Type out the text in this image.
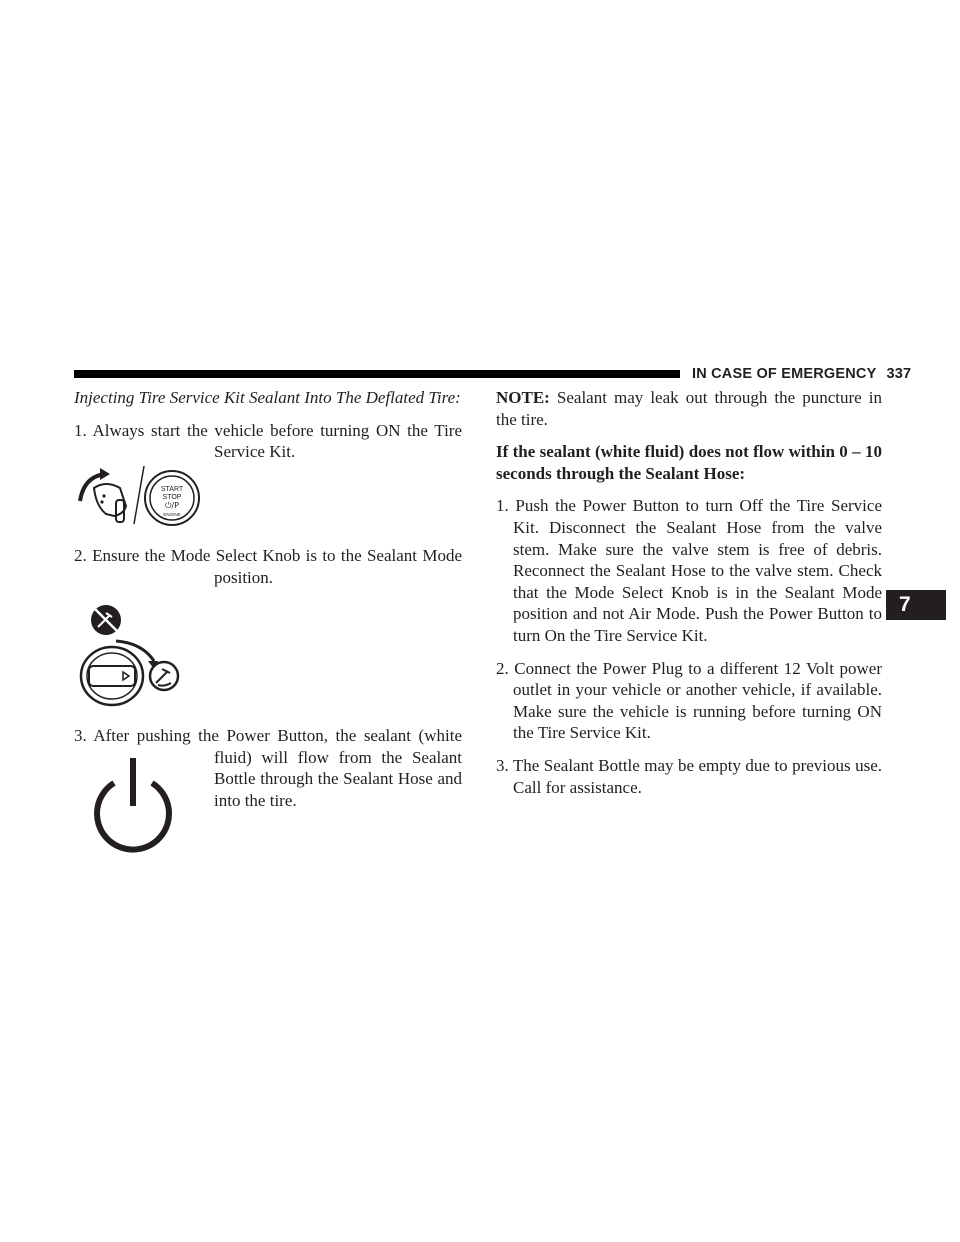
IN CASE OF EMERGENCY 337
7

Injecting Tire Service Kit Sealant Into The Deflated Tire:

1. Always start the vehicle before turning ON the Tire
Service Kit.

2. Ensure the Mode Select Knob is to the Sealant Mode
position.

3. After pushing the Power Button, the sealant (white
fluid) will flow from the Sealant
Bottle through the Sealant Hose and
into the tire.

START
STOP
ENGINE
⏻/P

NOTE: Sealant may leak out through the puncture in the tire.

If the sealant (white fluid) does not flow within 0 – 10 seconds through the Sealant Hose:

1. Push the Power Button to turn Off the Tire Service Kit. Disconnect the Sealant Hose from the valve stem. Make sure the valve stem is free of debris. Reconnect the Sealant Hose to the valve stem. Check that the Mode Select Knob is in the Sealant Mode position and not Air Mode. Push the Power Button to turn On the Tire Service Kit.

2. Connect the Power Plug to a different 12 Volt power outlet in your vehicle or another vehicle, if available. Make sure the vehicle is running before turning ON the Tire Service Kit.

3. The Sealant Bottle may be empty due to previous use. Call for assistance.
